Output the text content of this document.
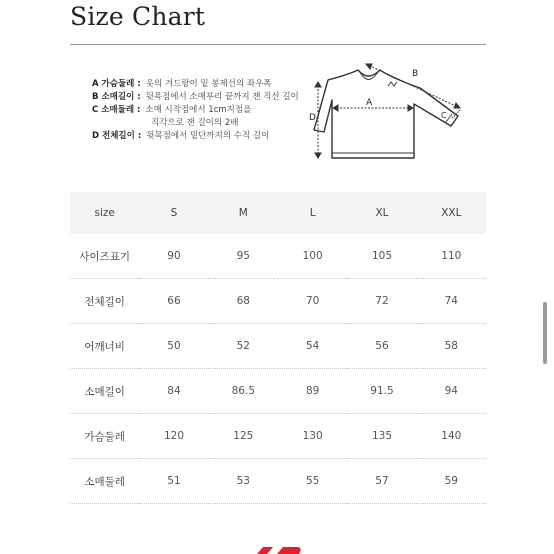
Size Chart
A 가슴둘레 : 옷의 겨드랑이 밑 봉제선의 좌우폭
B 소매길이 : 뒷목점에서 소매부리 끝까지 잰 직선 길이
C 소매둘레 : 소매 시작점에서 1cm지점을
직각으로 잰 길이의 2배
D 전체길이 : 뒷목점에서 밑단까지의 수직 길이
A
B
C
D
size	S	M	L	XL	XXL
사이즈표기	90	95	100	105	110
전체길이	66	68	70	72	74
어깨너비	50	52	54	56	58
소매길이	84	86.5	89	91.5	94
가슴둘레	120	125	130	135	140
소매둘레	51	53	55	57	59
